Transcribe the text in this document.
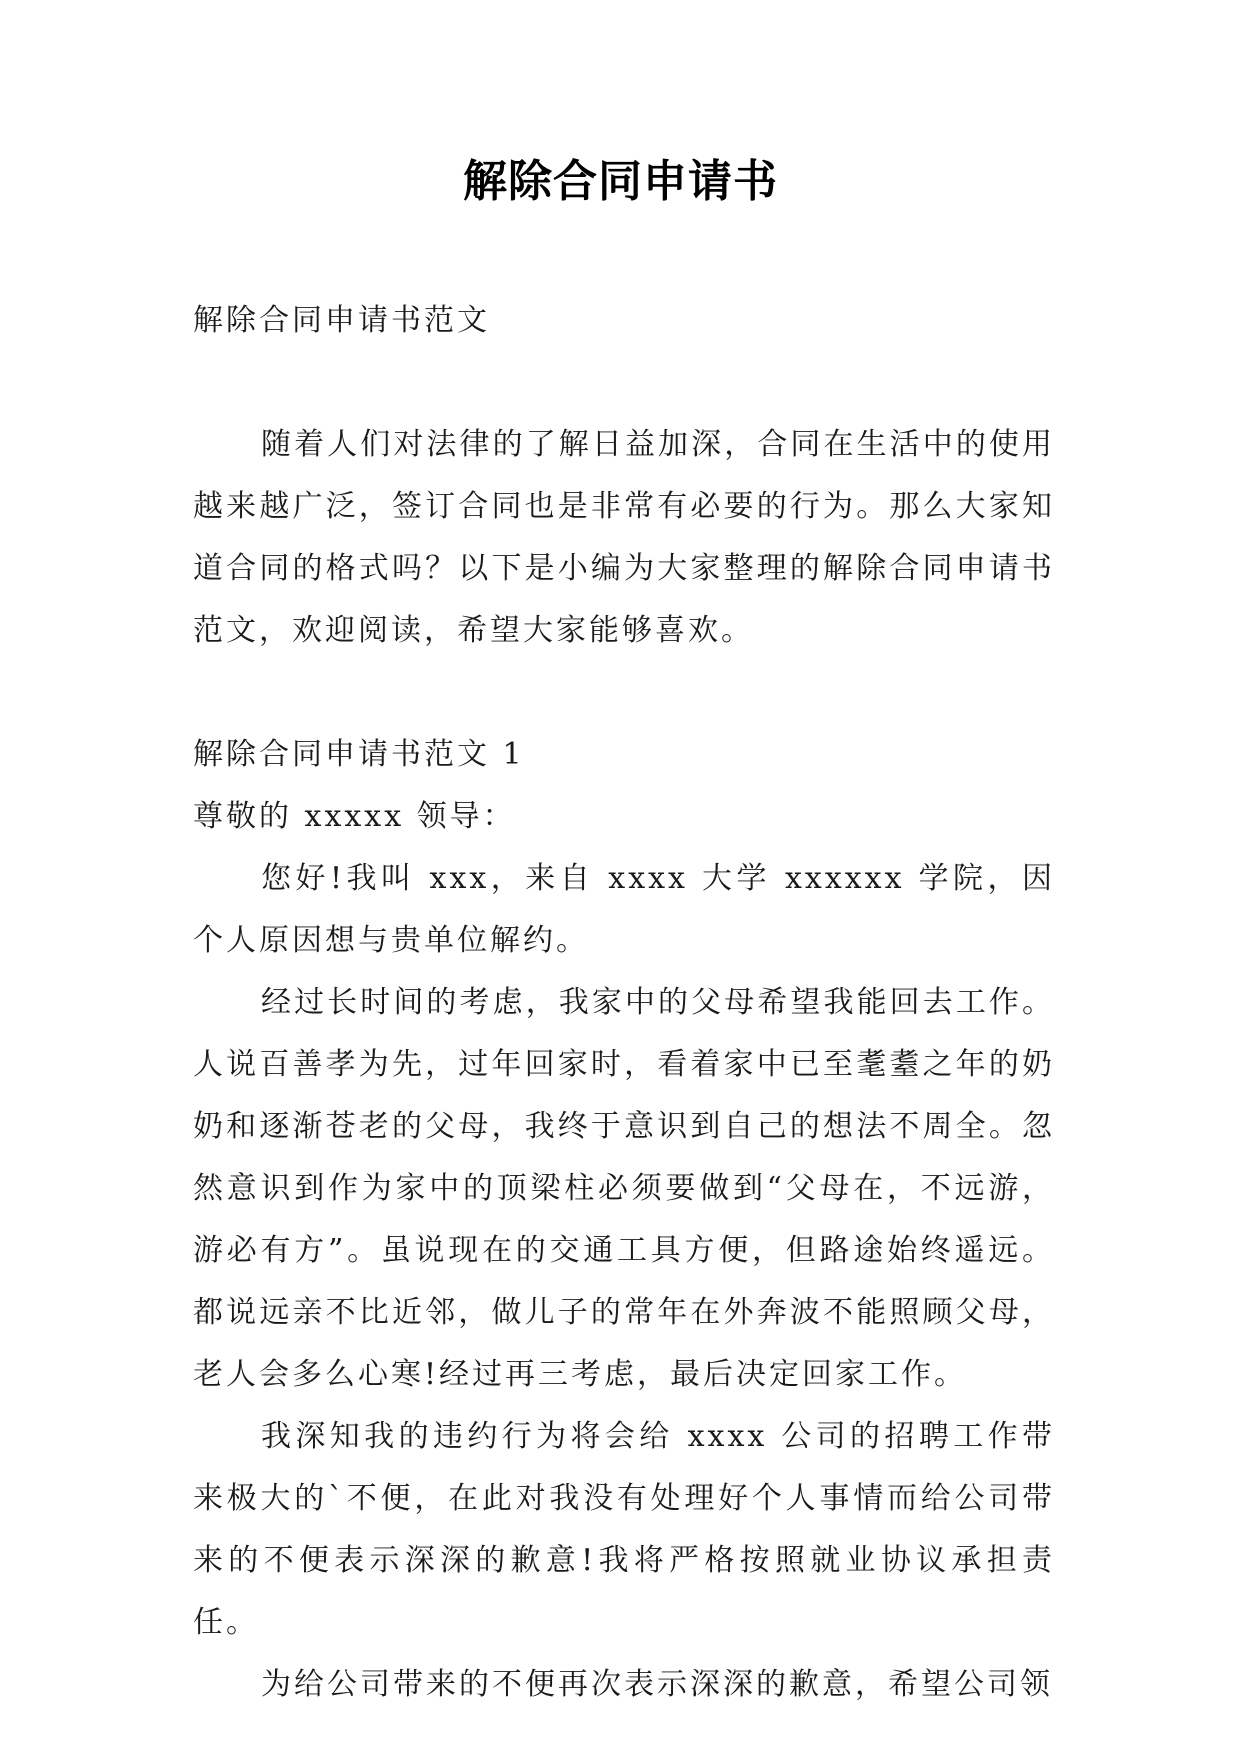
解除合同申请书

解除合同申请书范文

随着人们对法律的了解日益加深，合同在生活中的使用越来越广泛，签订合同也是非常有必要的行为。那么大家知道合同的格式吗？以下是小编为大家整理的解除合同申请书范文，欢迎阅读，希望大家能够喜欢。

解除合同申请书范文 1

尊敬的 xxxxx 领导：

您好!我叫 xxx，来自 xxxx 大学 xxxxxx 学院，因个人原因想与贵单位解约。

经过长时间的考虑，我家中的父母希望我能回去工作。人说百善孝为先，过年回家时，看着家中已至耄耋之年的奶奶和逐渐苍老的父母，我终于意识到自己的想法不周全。忽然意识到作为家中的顶梁柱必须要做到“父母在，不远游，游必有方”。虽说现在的交通工具方便，但路途始终遥远。都说远亲不比近邻，做儿子的常年在外奔波不能照顾父母，老人会多么心寒!经过再三考虑，最后决定回家工作。

我深知我的违约行为将会给 xxxx 公司的招聘工作带来极大的`不便，在此对我没有处理好个人事情而给公司带来的不便表示深深的歉意!我将严格按照就业协议承担责任。

为给公司带来的不便再次表示深深的歉意，希望公司领
